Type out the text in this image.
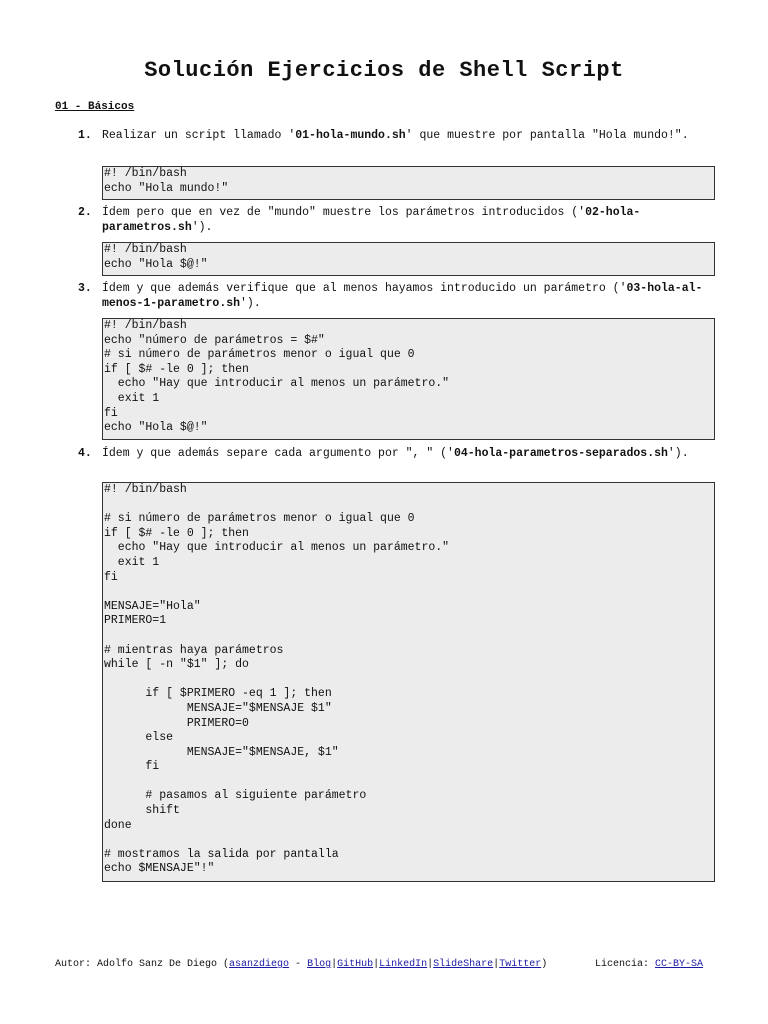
Solución Ejercicios de Shell Script
01 - Básicos
1. Realizar un script llamado '01-hola-mundo.sh' que muestre por pantalla "Hola mundo!".
#! /bin/bash
echo "Hola mundo!"
2. Ídem pero que en vez de "mundo" muestre los parámetros introducidos ('02-hola-parametros.sh').
#! /bin/bash
echo "Hola $@!"
3. Ídem y que además verifique que al menos hayamos introducido un parámetro ('03-hola-al-menos-1-parametro.sh').
#! /bin/bash
echo "número de parámetros = $#"
# si número de parámetros menor o igual que 0
if [ $# -le 0 ]; then
echo "Hay que introducir al menos un parámetro."
exit 1
fi
echo "Hola $@!"
4. Ídem y que además separe cada argumento por ", " ('04-hola-parametros-separados.sh').
#! /bin/bash

# si número de parámetros menor o igual que 0
if [ $# -le 0 ]; then
echo "Hay que introducir al menos un parámetro."
exit 1
fi

MENSAJE="Hola"
PRIMERO=1

# mientras haya parámetros
while [ -n "$1" ]; do

if [ $PRIMERO -eq 1 ]; then
MENSAJE="$MENSAJE $1"
PRIMERO=0
else
MENSAJE="$MENSAJE, $1"
fi

# pasamos al siguiente parámetro
shift
done

# mostramos la salida por pantalla
echo $MENSAJE"!"
Autor: Adolfo Sanz De Diego (asanzdiego - Blog|GitHub|LinkedIn|SlideShare|Twitter)	Licencia: CC-BY-SA
